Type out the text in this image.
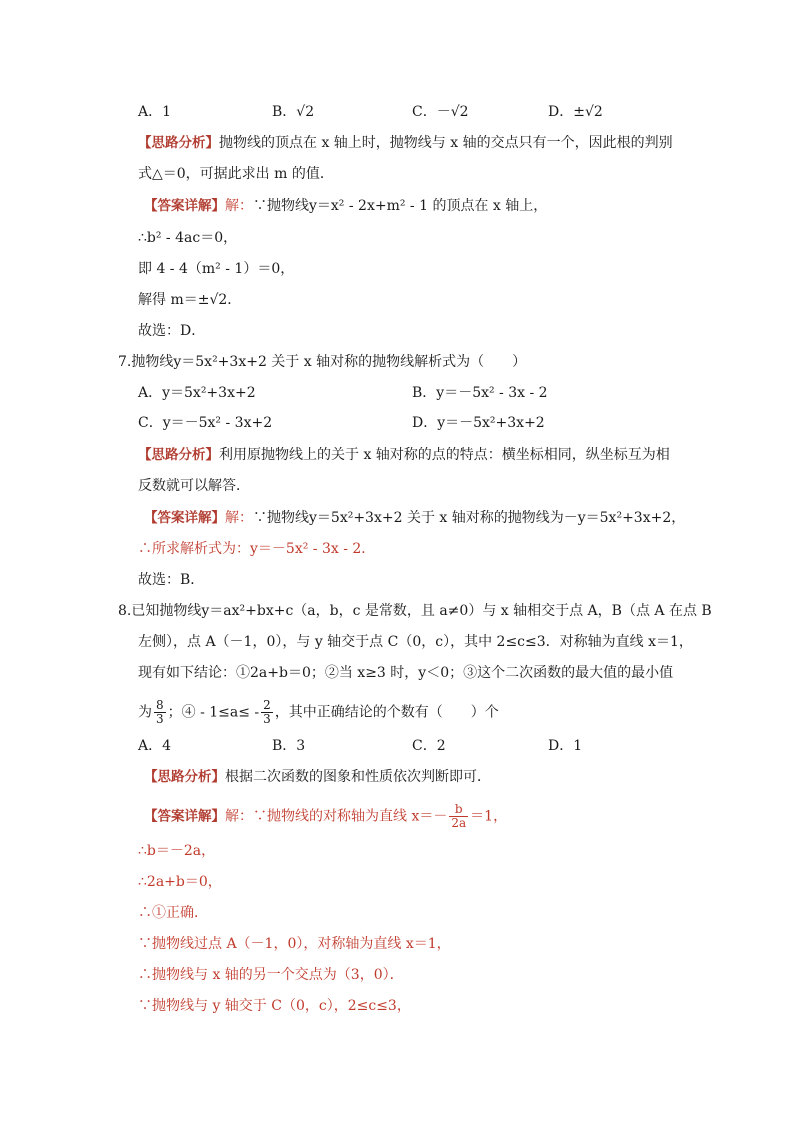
A．1	B．√2	C．－√2	D．±√2
【思路分析】抛物线的顶点在 x 轴上时，抛物线与 x 轴的交点只有一个，因此根的判别
式△＝0，可据此求出 m 的值．
【答案详解】解：∵抛物线y＝x² - 2x+m² - 1 的顶点在 x 轴上，
∴b² - 4ac＝0，
即 4 - 4（m² - 1）＝0，
解得 m＝±√2．
故选：D．
7.抛物线y＝5x²+3x+2 关于 x 轴对称的抛物线解析式为（　　）
A．y＝5x²+3x+2	B．y＝－5x² - 3x - 2
C．y＝－5x² - 3x+2	D．y＝－5x²+3x+2
【思路分析】利用原抛物线上的关于 x 轴对称的点的特点：横坐标相同，纵坐标互为相
反数就可以解答．
【答案详解】解：∵抛物线y＝5x²+3x+2 关于 x 轴对称的抛物线为－y＝5x²+3x+2，
∴所求解析式为：y＝－5x² - 3x - 2．
故选：B．
8.已知抛物线y＝ax²+bx+c（a，b，c 是常数，且 a≠0）与 x 轴相交于点 A，B（点 A 在点 B
左侧），点 A（－1，0），与 y 轴交于点 C（0，c），其中 2≤c≤3．对称轴为直线 x＝1，
现有如下结论：①2a+b＝0；②当 x≥3 时，y＜0；③这个二次函数的最大值的最小值
为 $\frac{8}{3}$ ；④ - $1\le a\le - \frac{2}{3}$ ，其中正确结论的个数有（　　）个
A．4	B．3	C．2	D．1
【思路分析】根据二次函数的图象和性质依次判断即可．
【答案详解】解：∵抛物线的对称轴为直线 $x=- \frac{b}{2a} =1$，
∴b＝－2a，
∴2a+b＝0，
∴①正确．
∵抛物线过点 A（－1，0），对称轴为直线 x＝1，
∴抛物线与 x 轴的另一个交点为（3，0）．
∵抛物线与 y 轴交于 C（0，c），2≤c≤3，
